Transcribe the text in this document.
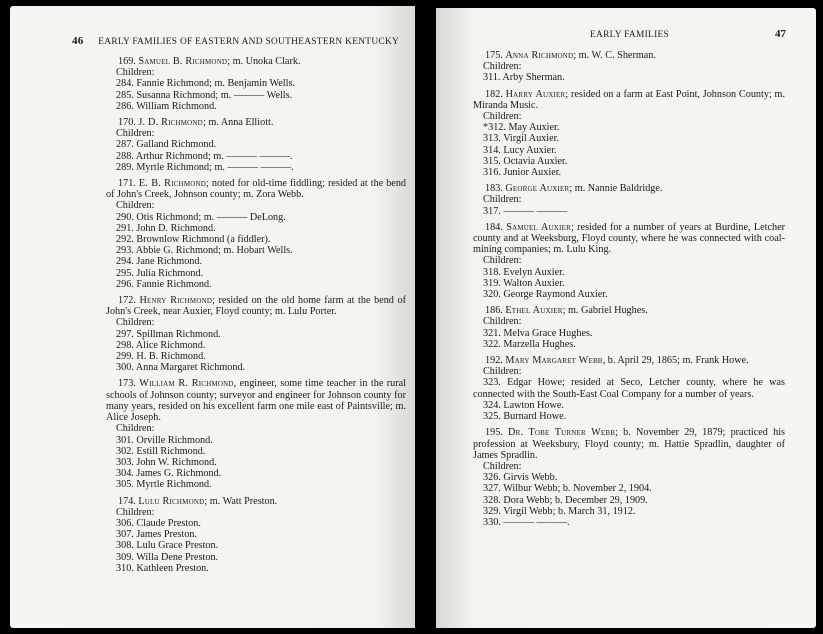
46 EARLY FAMILIES OF EASTERN AND SOUTHEASTERN KENTUCKY
169. Samuel B. Richmond; m. Unoka Clark.
Children:
284. Fannie Richmond; m. Benjamin Wells.
285. Susanna Richmond; m. ——— Wells.
286. William Richmond.
170. J. D. Richmond; m. Anna Elliott.
Children:
287. Galland Richmond.
288. Arthur Richmond; m. ——— ———.
289. Myrtle Richmond; m. ——— ———.
171. E. B. Richmond; noted for old-time fiddling; resided at the bend of John's Creek, Johnson county; m. Zora Webb.
Children:
290. Otis Richmond; m. ——— DeLong.
291. John D. Richmond.
292. Brownlow Richmond (a fiddler).
293. Abbie G. Richmond; m. Hobart Wells.
294. Jane Richmond.
295. Julia Richmond.
296. Fannie Richmond.
172. Henry Richmond; resided on the old home farm at the bend of John's Creek, near Auxier, Floyd county; m. Lulu Porter.
Children:
297. Spillman Richmond.
298. Alice Richmond.
299. H. B. Richmond.
300. Anna Margaret Richmond.
173. William R. Richmond, engineer, some time teacher in the rural schools of Johnson county; surveyor and engineer for Johnson county for many years, resided on his excellent farm one mile east of Paintsville; m. Alice Joseph.
Children:
301. Orville Richmond.
302. Estill Richmond.
303. John W. Richmond.
304. James G. Richmond.
305. Myrtle Richmond.
174. Lulu Richmond; m. Watt Preston.
Children:
306. Claude Preston.
307. James Preston.
308. Lulu Grace Preston.
309. Willa Dene Preston.
310. Kathleen Preston.
EARLY FAMILIES	47
175. Anna Richmond; m. W. C. Sherman.
Children:
311. Arby Sherman.
182. Harry Auxier; resided on a farm at East Point, Johnson County; m. Miranda Music.
Children:
*312. May Auxier.
313. Virgil Auxier.
314. Lucy Auxier.
315. Octavia Auxier.
316. Junior Auxier.
183. George Auxier; m. Nannie Baldridge.
Children:
317. ——— ———
184. Samuel Auxier; resided for a number of years at Burdine, Letcher county and at Weeksburg, Floyd county, where he was connected with coal-mining companies; m. Lulu King.
Children:
318. Evelyn Auxier.
319. Walton Auxier.
320. George Raymond Auxier.
186. Ethel Auxier; m. Gabriel Hughes.
Children:
321. Melva Grace Hughes.
322. Marzella Hughes.
192. Mary Margaret Webb, b. April 29, 1865; m. Frank Howe.
Children:
323. Edgar Howe; resided at Seco, Letcher county, where he was connected with the South-East Coal Company for a number of years.
324. Lawton Howe.
325. Burnard Howe.
195. Dr. Tobe Turner Webb; b. November 29, 1879; practiced his profession at Weeksbury, Floyd county; m. Hattie Spradlin, daughter of James Spradlin.
Children:
326. Girvis Webb.
327. Wilbur Webb; b. November 2, 1904.
328. Dora Webb; b. December 29, 1909.
329. Virgil Webb; b. March 31, 1912.
330. ——— ———.
